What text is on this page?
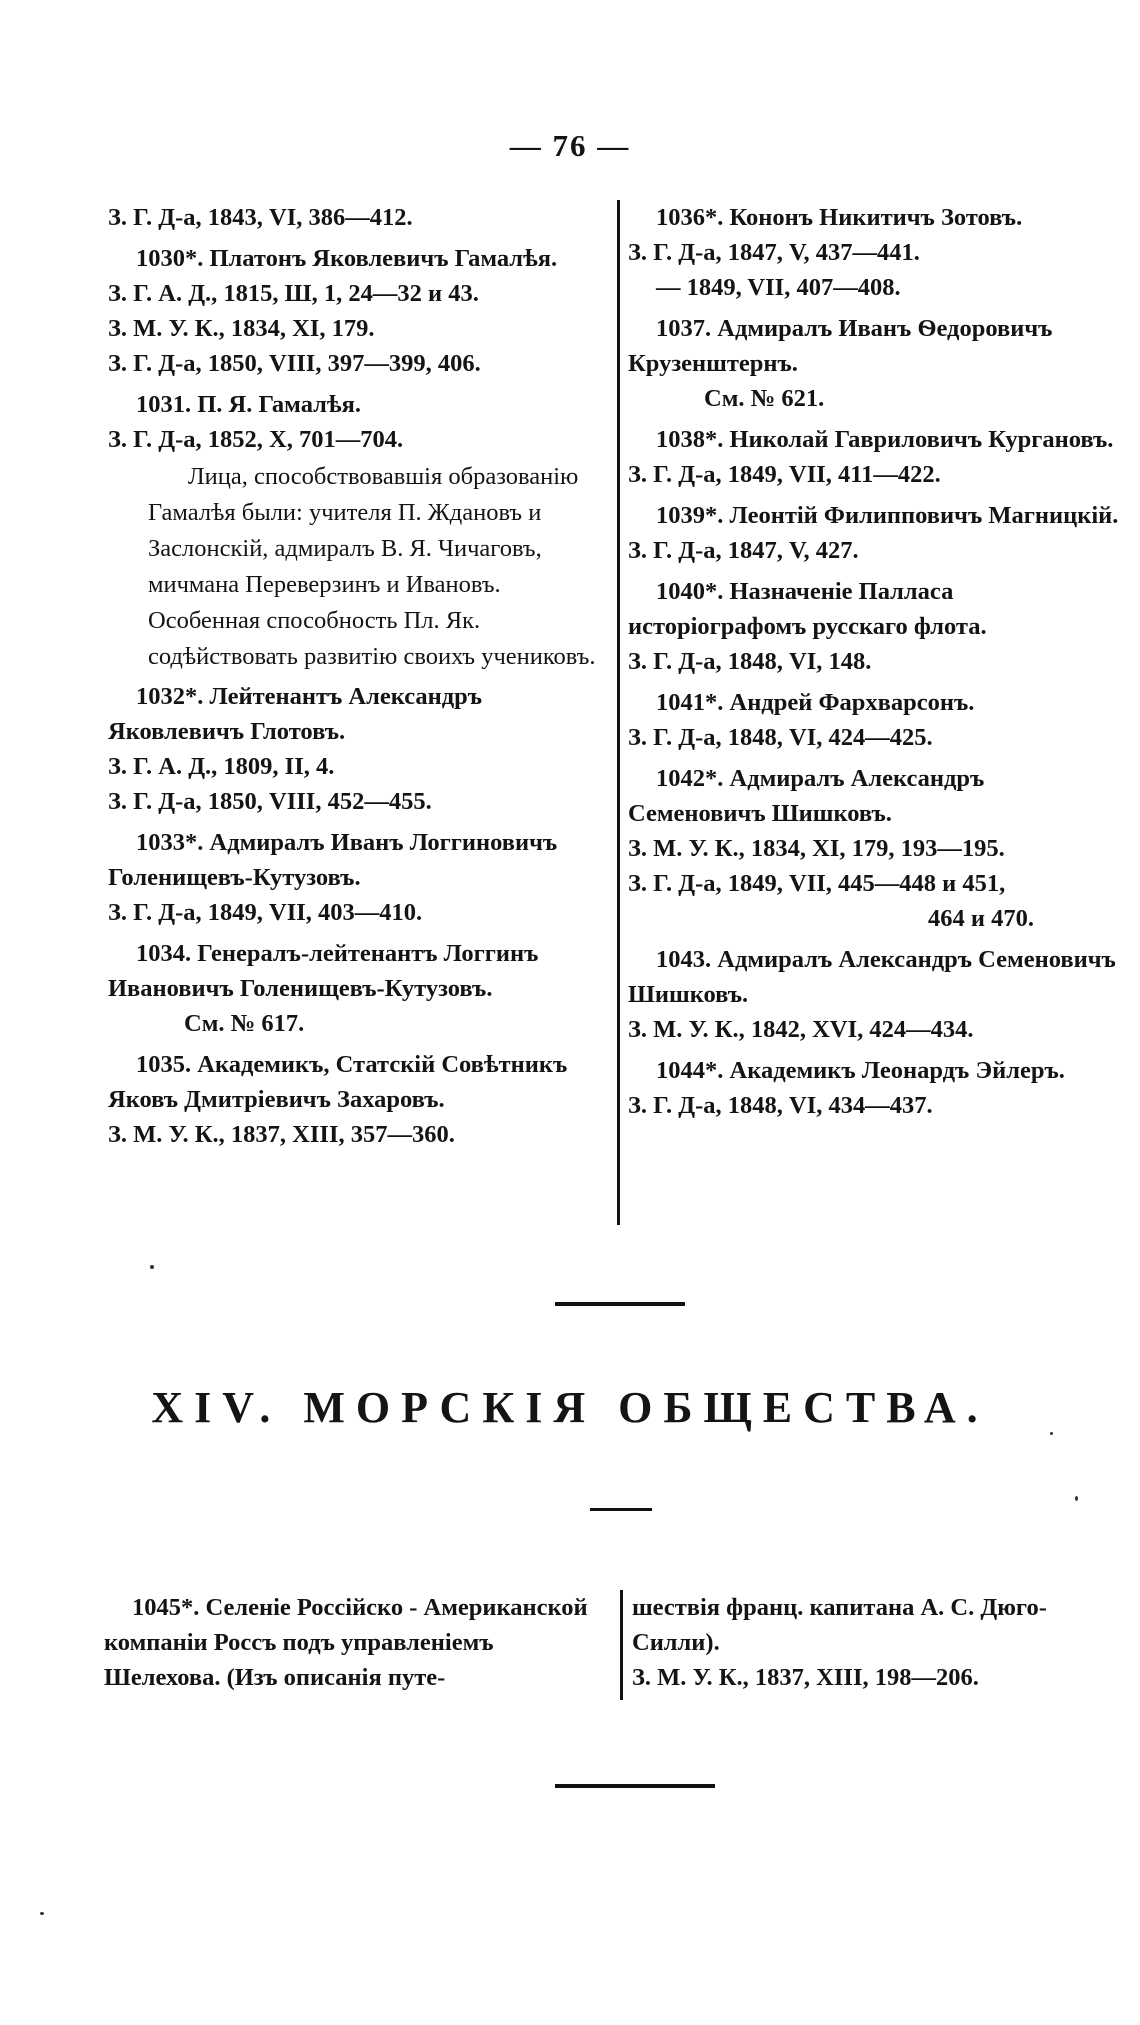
— 76 —
З. Г. Д-а, 1843, VI, 386—412.
1030*. Платонъ Яковлевичъ Гамалѣя.
З. Г. А. Д., 1815, Ш, 1, 24—32 и 43.
З. М. У. К., 1834, XI, 179.
З. Г. Д-а, 1850, VIII, 397—399, 406.
1031. П. Я. Гамалѣя.
З. Г. Д-а, 1852, X, 701—704.
Лица, способствовавшія образованію Гамалѣя были: учителя П. Ждановъ и Заслонскій, адмиралъ В. Я. Чичаговъ, мичмана Переверзинъ и Ивановъ. Особенная способность Пл. Як. содѣйствовать развитію своихъ учениковъ.
1032*. Лейтенантъ Александръ Яковлевичъ Глотовъ.
З. Г. А. Д., 1809, II, 4.
З. Г. Д-а, 1850, VIII, 452—455.
1033*. Адмиралъ Иванъ Логгиновичъ Голенищевъ-Кутузовъ.
З. Г. Д-а, 1849, VII, 403—410.
1034. Генералъ-лейтенантъ Логгинъ Ивановичъ Голенищевъ-Кутузовъ.
См. № 617.
1035. Академикъ, Статскій Совѣтникъ Яковъ Дмитріевичъ Захаровъ.
З. М. У. К., 1837, XIII, 357—360.
1036*. Кононъ Никитичъ Зотовъ.
З. Г. Д-а, 1847, V, 437—441.
— 1849, VII, 407—408.
1037. Адмиралъ Иванъ Ѳедоровичъ Крузенштернъ.
См. № 621.
1038*. Николай Гавриловичъ Кургановъ.
З. Г. Д-а, 1849, VII, 411—422.
1039*. Леонтій Филипповичъ Магницкій.
З. Г. Д-а, 1847, V, 427.
1040*. Назначеніе Палласа исторіографомъ русскаго флота.
З. Г. Д-а, 1848, VI, 148.
1041*. Андрей Фархварсонъ.
З. Г. Д-а, 1848, VI, 424—425.
1042*. Адмиралъ Александръ Семеновичъ Шишковъ.
З. М. У. К., 1834, XI, 179, 193—195.
З. Г. Д-а, 1849, VII, 445—448 и 451,
464 и 470.
1043. Адмиралъ Александръ Семеновичъ Шишковъ.
З. М. У. К., 1842, XVI, 424—434.
1044*. Академикъ Леонардъ Эйлеръ.
З. Г. Д-а, 1848, VI, 434—437.
XIV. МОРСКІЯ ОБЩЕСТВА.
1045*. Селеніе Россійско - Американской компаніи Россъ подъ управленіемъ Шелехова. (Изъ описанія путе-
шествія франц. капитана А. С. Дюго-Силли).
З. М. У. К., 1837, XIII, 198—206.
